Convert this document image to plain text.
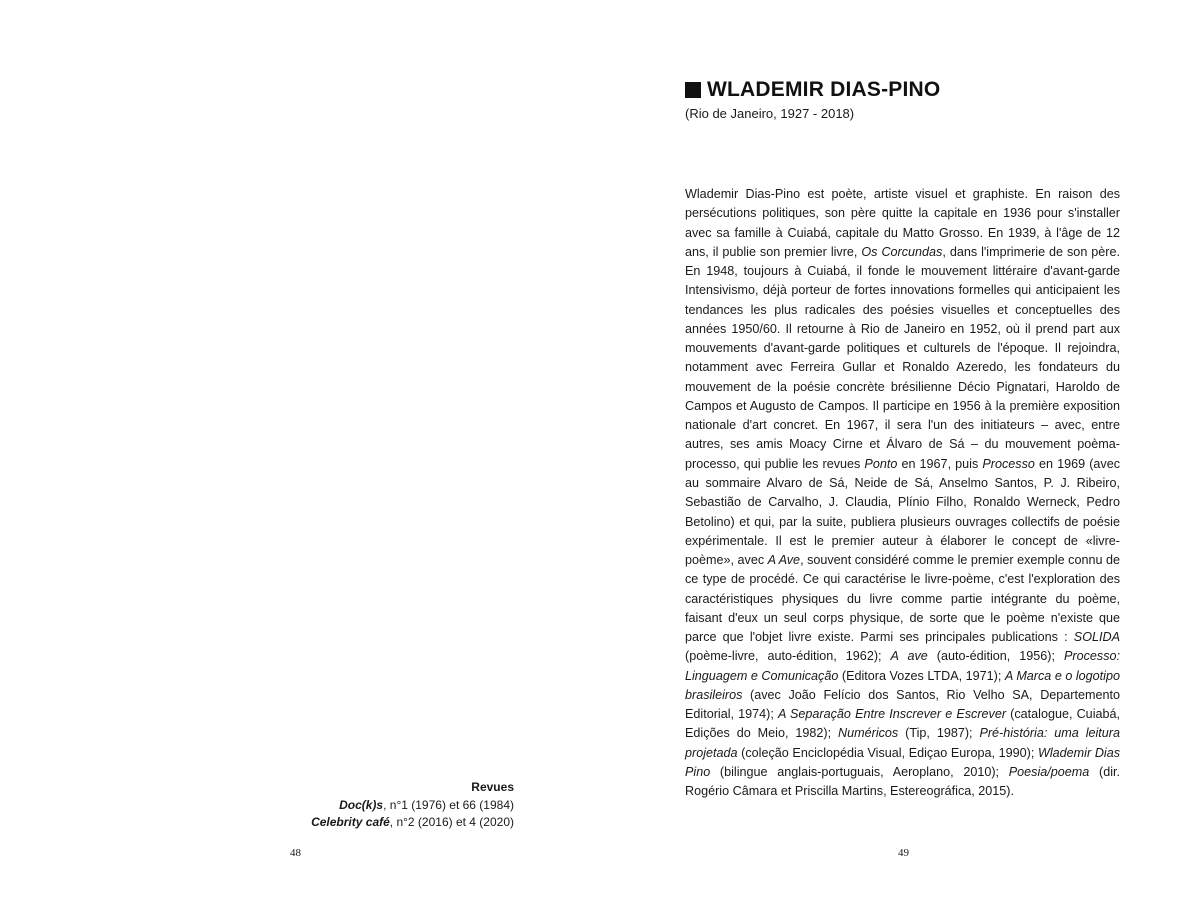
Revues
Doc(k)s, n°1 (1976) et 66 (1984)
Celebrity café, n°2 (2016) et 4 (2020)
48
WLADEMIR DIAS-PINO
(Rio de Janeiro, 1927 - 2018)

Wlademir Dias-Pino est poète, artiste visuel et graphiste. En raison des persécutions politiques, son père quitte la capitale en 1936 pour s'installer avec sa famille à Cuiabá, capitale du Matto Grosso. En 1939, à l'âge de 12 ans, il publie son premier livre, Os Corcundas, dans l'imprimerie de son père. En 1948, toujours à Cuiabá, il fonde le mouvement littéraire d'avant-garde Intensivismo, déjà porteur de fortes innovations formelles qui anticipaient les tendances les plus radicales des poésies visuelles et conceptuelles des années 1950/60. Il retourne à Rio de Janeiro en 1952, où il prend part aux mouvements d'avant-garde politiques et culturels de l'époque. Il rejoindra, notamment avec Ferreira Gullar et Ronaldo Azeredo, les fondateurs du mouvement de la poésie concrète brésilienne Décio Pignatari, Haroldo de Campos et Augusto de Campos. Il participe en 1956 à la première exposition nationale d'art concret. En 1967, il sera l'un des initiateurs – avec, entre autres, ses amis Moacy Cirne et Álvaro de Sá – du mouvement poèma-processo, qui publie les revues Ponto en 1967, puis Processo en 1969 (avec au sommaire Alvaro de Sá, Neide de Sá, Anselmo Santos, P. J. Ribeiro, Sebastião de Carvalho, J. Claudia, Plínio Filho, Ronaldo Werneck, Pedro Betolino) et qui, par la suite, publiera plusieurs ouvrages collectifs de poésie expérimentale. Il est le premier auteur à élaborer le concept de «livre-poème», avec A Ave, souvent considéré comme le premier exemple connu de ce type de procédé. Ce qui caractérise le livre-poème, c'est l'exploration des caractéristiques physiques du livre comme partie intégrante du poème, faisant d'eux un seul corps physique, de sorte que le poème n'existe que parce que l'objet livre existe. Parmi ses principales publications : SOLIDA (poème-livre, auto-édition, 1962); A ave (auto-édition, 1956); Processo: Linguagem e Comunicação (Editora Vozes LTDA, 1971); A Marca e o logotipo brasileiros (avec João Felício dos Santos, Rio Velho SA, Departemento Editorial, 1974); A Separação Entre Inscrever e Escrever (catalogue, Cuiabá, Edições do Meio, 1982); Numéricos (Tip, 1987); Pré-história: uma leitura projetada (coleção Enciclopédia Visual, Ediçao Europa, 1990); Wlademir Dias Pino (bilingue anglais-portuguais, Aeroplano, 2010); Poesia/poema (dir. Rogério Câmara et Priscilla Martins, Estereográfica, 2015).

49
